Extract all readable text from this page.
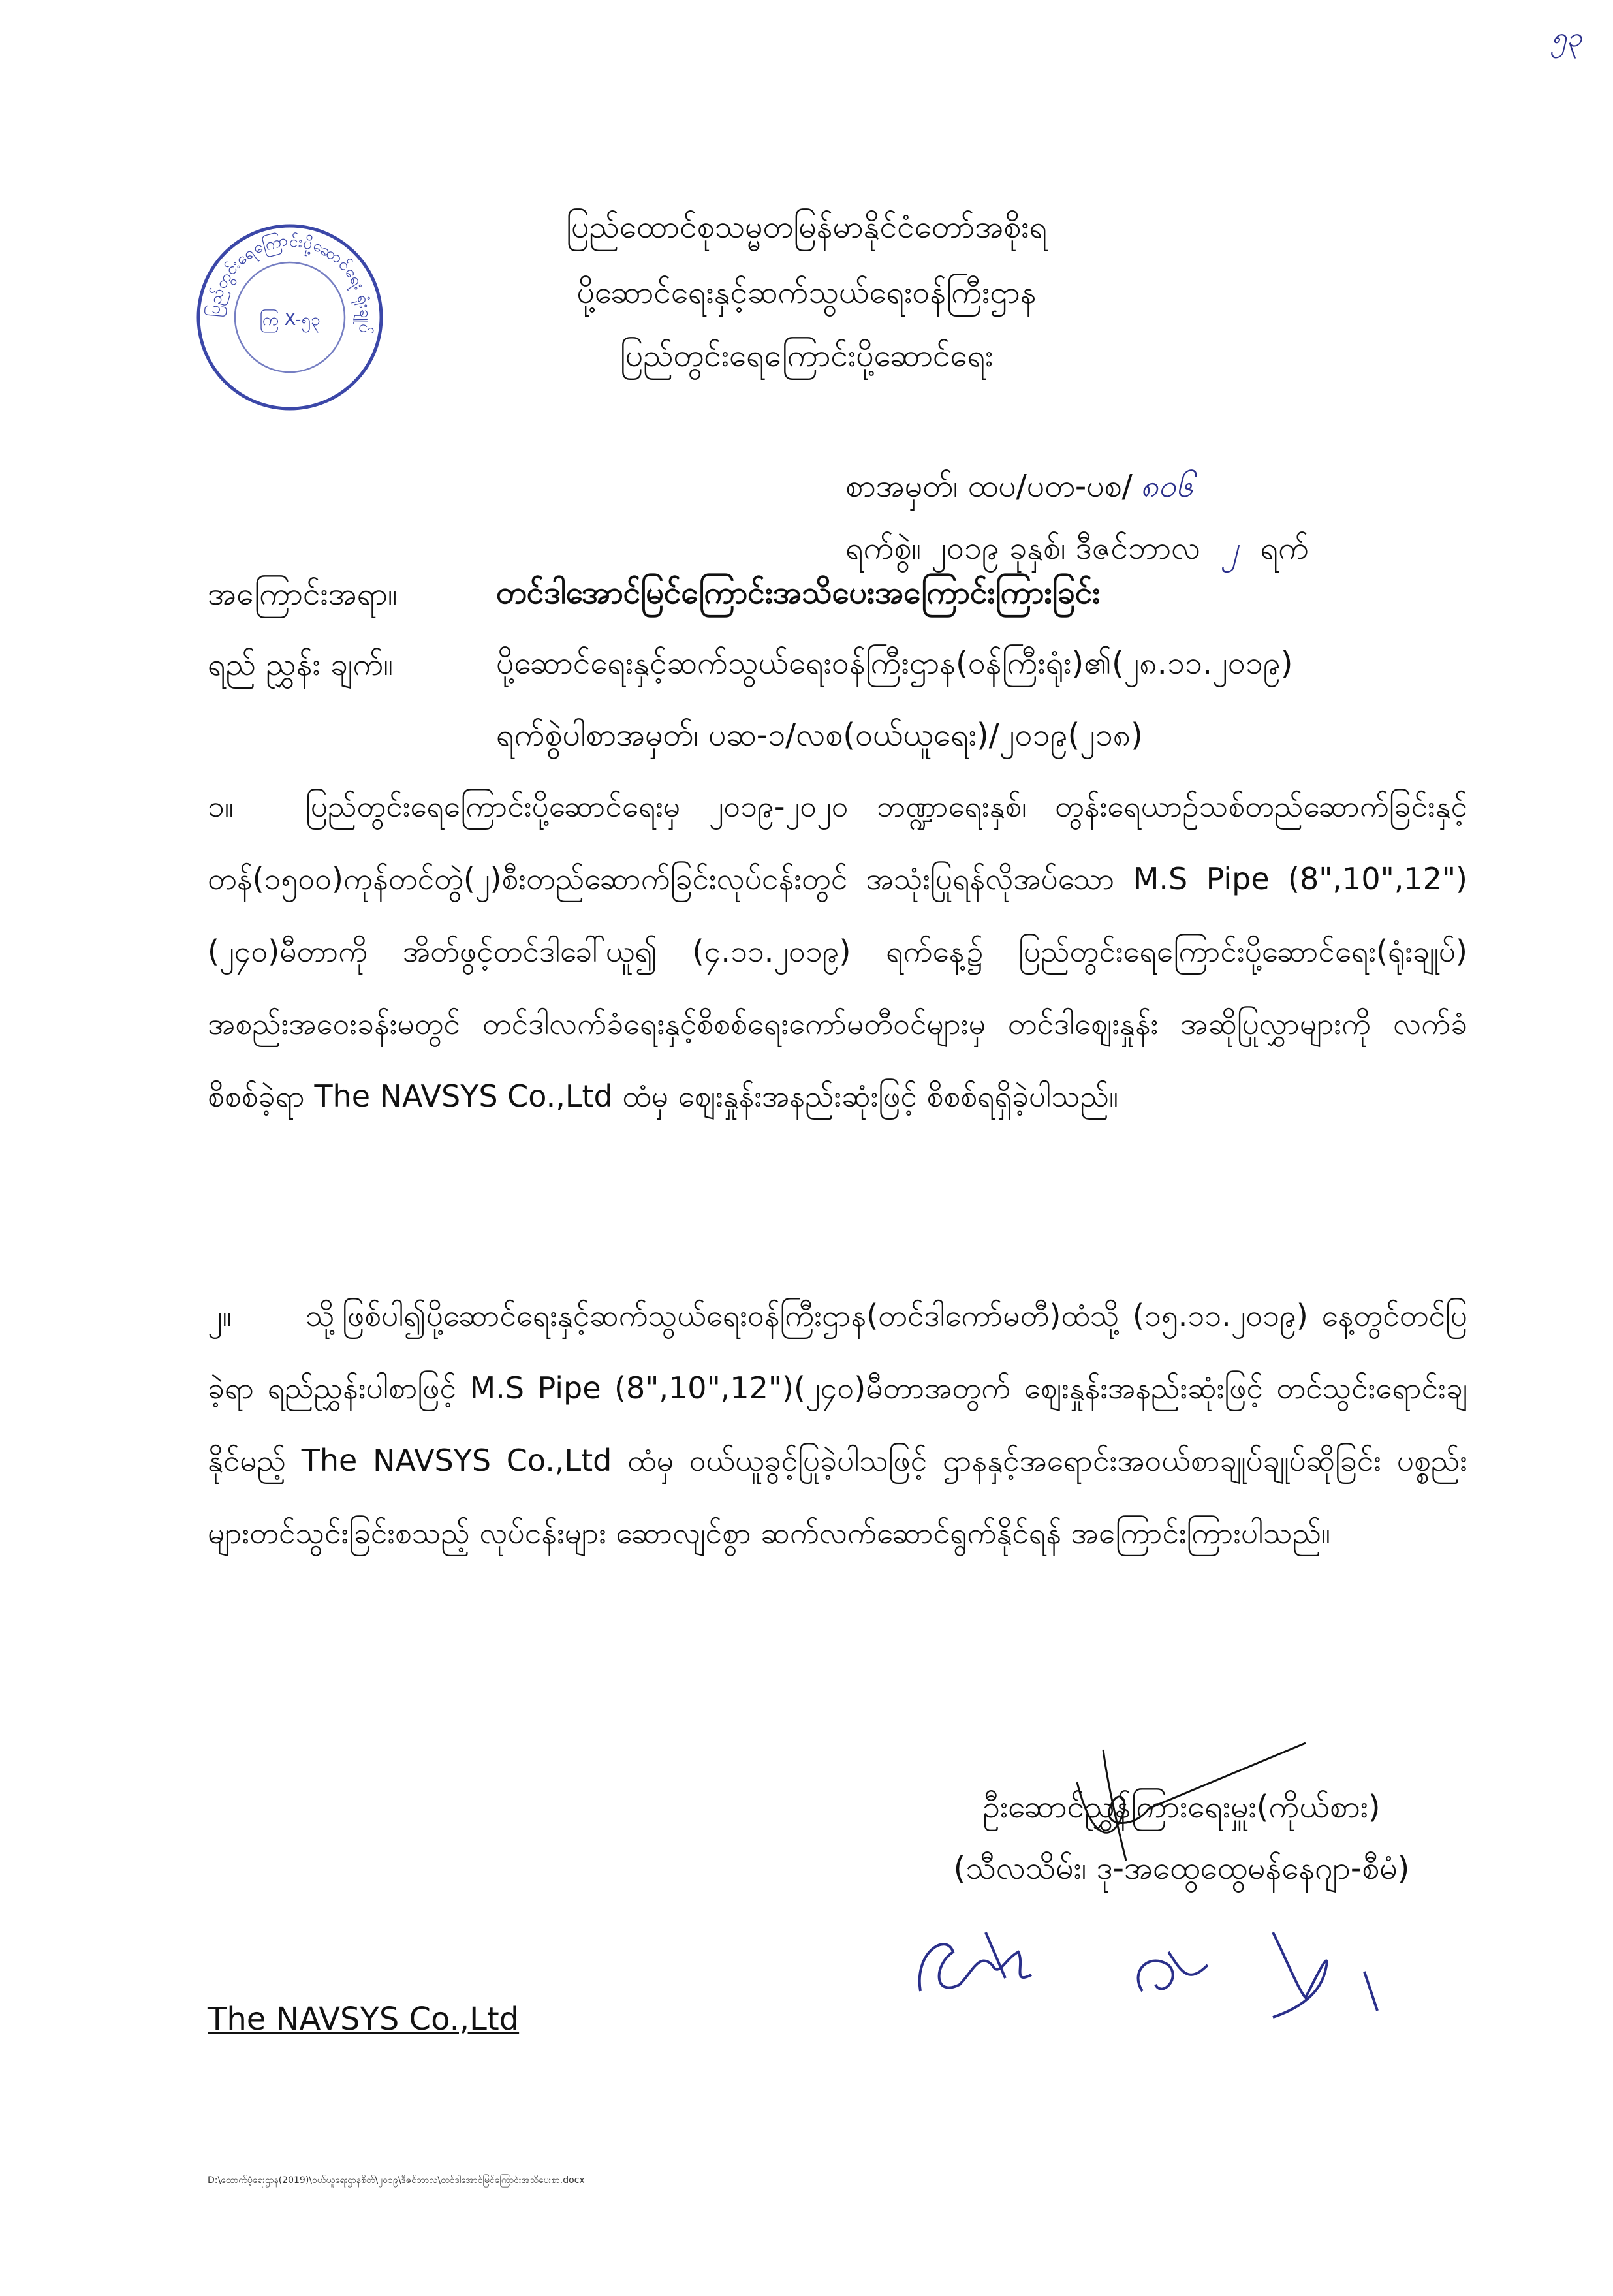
၅၃
ပြည်တွင်းရေကြောင်းပို့ဆောင်ရေး ရုံးချုပ်
ကြ X-၅၃
ပြည်ထောင်စုသမ္မတမြန်မာနိုင်ငံတော်အစိုးရ
ပို့ဆောင်ရေးနှင့်ဆက်သွယ်ရေးဝန်ကြီးဌာန
ပြည်တွင်းရေကြောင်းပို့ဆောင်ရေး
စာအမှတ်၊ ထပ/ပတ-ပစ/ ၈၀၆
ရက်စွဲ။ ၂၀၁၉ ခုနှစ်၊ ဒီဇင်ဘာလ ၂ ရက်
အကြောင်းအရာ။	တင်ဒါအောင်မြင်ကြောင်းအသိပေးအကြောင်းကြားခြင်း
ရည် ညွှန်း ချက်။	ပို့ဆောင်ရေးနှင့်ဆက်သွယ်ရေးဝန်ကြီးဌာန(ဝန်ကြီးရုံး)၏(၂၈.၁၁.၂၀၁၉)
ရက်စွဲပါစာအမှတ်၊ ပဆ-၁/လစ(ဝယ်ယူရေး)/၂၀၁၉(၂၁၈)
၁။ ပြည်တွင်းရေကြောင်းပို့ဆောင်ရေးမှ ၂၀၁၉-၂၀၂၀ ဘဏ္ဍာရေးနှစ်၊ တွန်းရေယာဉ်သစ်တည်ဆောက်ခြင်းနှင့် တန်(၁၅၀၀)ကုန်တင်တွဲ(၂)စီးတည်ဆောက်ခြင်းလုပ်ငန်းတွင် အသုံးပြုရန်လိုအပ်သော M.S Pipe (8",10",12")(၂၄၀)မီတာကို အိတ်ဖွင့်တင်ဒါခေါ်ယူ၍ (၄.၁၁.၂၀၁၉) ရက်နေ့၌ ပြည်တွင်းရေကြောင်းပို့ဆောင်ရေး(ရုံးချုပ်) အစည်းအဝေးခန်းမတွင် တင်ဒါလက်ခံရေးနှင့်စိစစ်ရေးကော်မတီဝင်များမှ တင်ဒါဈေးနှုန်း အဆိုပြုလွှာများကို လက်ခံစိစစ်ခဲ့ရာ The NAVSYS Co.,Ltd ထံမှ ဈေးနှုန်းအနည်းဆုံးဖြင့် စိစစ်ရရှိခဲ့ပါသည်။
၂။ သို့ဖြစ်ပါ၍ပို့ဆောင်ရေးနှင့်ဆက်သွယ်ရေးဝန်ကြီးဌာန(တင်ဒါကော်မတီ)ထံသို့ (၁၅.၁၁.၂၀၁၉) နေ့တွင်တင်ပြခဲ့ရာ ရည်ညွှန်းပါစာဖြင့် M.S Pipe (8",10",12")(၂၄၀)မီတာအတွက် ဈေးနှုန်းအနည်းဆုံးဖြင့် တင်သွင်းရောင်းချနိုင်မည့် The NAVSYS Co.,Ltd ထံမှ ဝယ်ယူခွင့်ပြုခဲ့ပါသဖြင့် ဌာနနှင့်အရောင်းအဝယ်စာချုပ်ချုပ်ဆိုခြင်း ပစ္စည်းများတင်သွင်းခြင်းစသည့် လုပ်ငန်းများ ဆောလျင်စွာ ဆက်လက်ဆောင်ရွက်နိုင်ရန် အကြောင်းကြားပါသည်။
ဦးဆောင်ညွှန်ကြားရေးမှူး(ကိုယ်စား)
(သီလသိမ်း၊ ဒု-အထွေထွေမန်နေဂျာ-စီမံ)
The NAVSYS Co.,Ltd
D:\ထောက်ပံ့ရေးဌာန(2019)\ဝယ်ယူရေးဌာနစိတ်\၂၀၁၉\ဒီဇင်ဘာလ\တင်ဒါအောင်မြင်ကြောင်းအသိပေးစာ.docx
